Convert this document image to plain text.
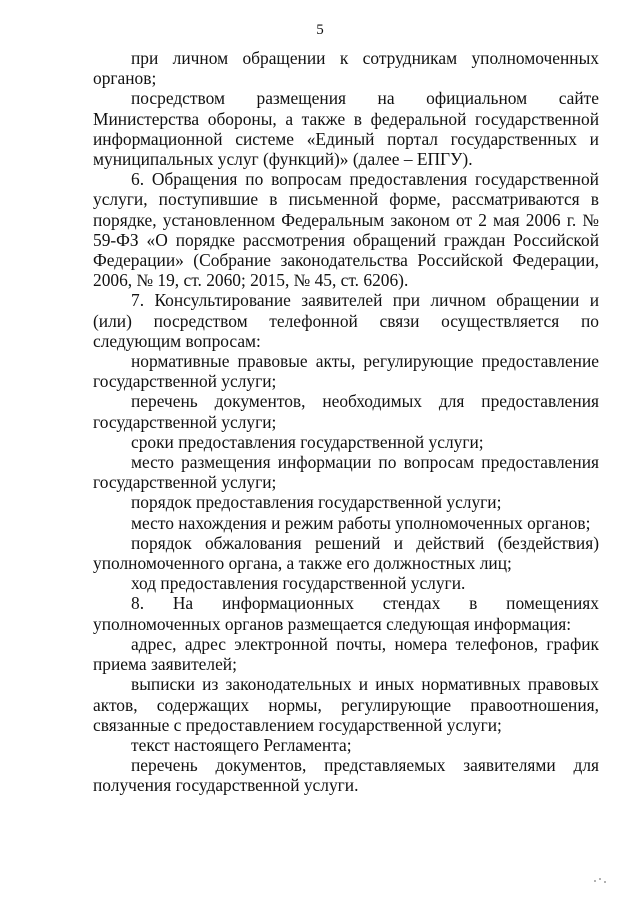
5

при личном обращении к сотрудникам уполномоченных органов;

посредством размещения на официальном сайте Министерства обороны, а также в федеральной государственной информационной системе «Единый портал государственных и муниципальных услуг (функций)» (далее – ЕПГУ).

6. Обращения по вопросам предоставления государственной услуги, поступившие в письменной форме, рассматриваются в порядке, установленном Федеральным законом от 2 мая 2006 г. № 59-ФЗ «О порядке рассмотрения обращений граждан Российской Федерации» (Собрание законодательства Российской Федерации, 2006, № 19, ст. 2060; 2015, № 45, ст. 6206).

7. Консультирование заявителей при личном обращении и (или) посредством телефонной связи осуществляется по следующим вопросам:

нормативные правовые акты, регулирующие предоставление государственной услуги;

перечень документов, необходимых для предоставления государственной услуги;

сроки предоставления государственной услуги;

место размещения информации по вопросам предоставления государственной услуги;

порядок предоставления государственной услуги;

место нахождения и режим работы уполномоченных органов;

порядок обжалования решений и действий (бездействия) уполномоченного органа, а также его должностных лиц;

ход предоставления государственной услуги.

8. На информационных стендах в помещениях уполномоченных органов размещается следующая информация:

адрес, адрес электронной почты, номера телефонов, график приема заявителей;

выписки из законодательных и иных нормативных правовых актов, содержащих нормы, регулирующие правоотношения, связанные с предоставлением государственной услуги;

текст настоящего Регламента;

перечень документов, представляемых заявителями для получения государственной услуги.
